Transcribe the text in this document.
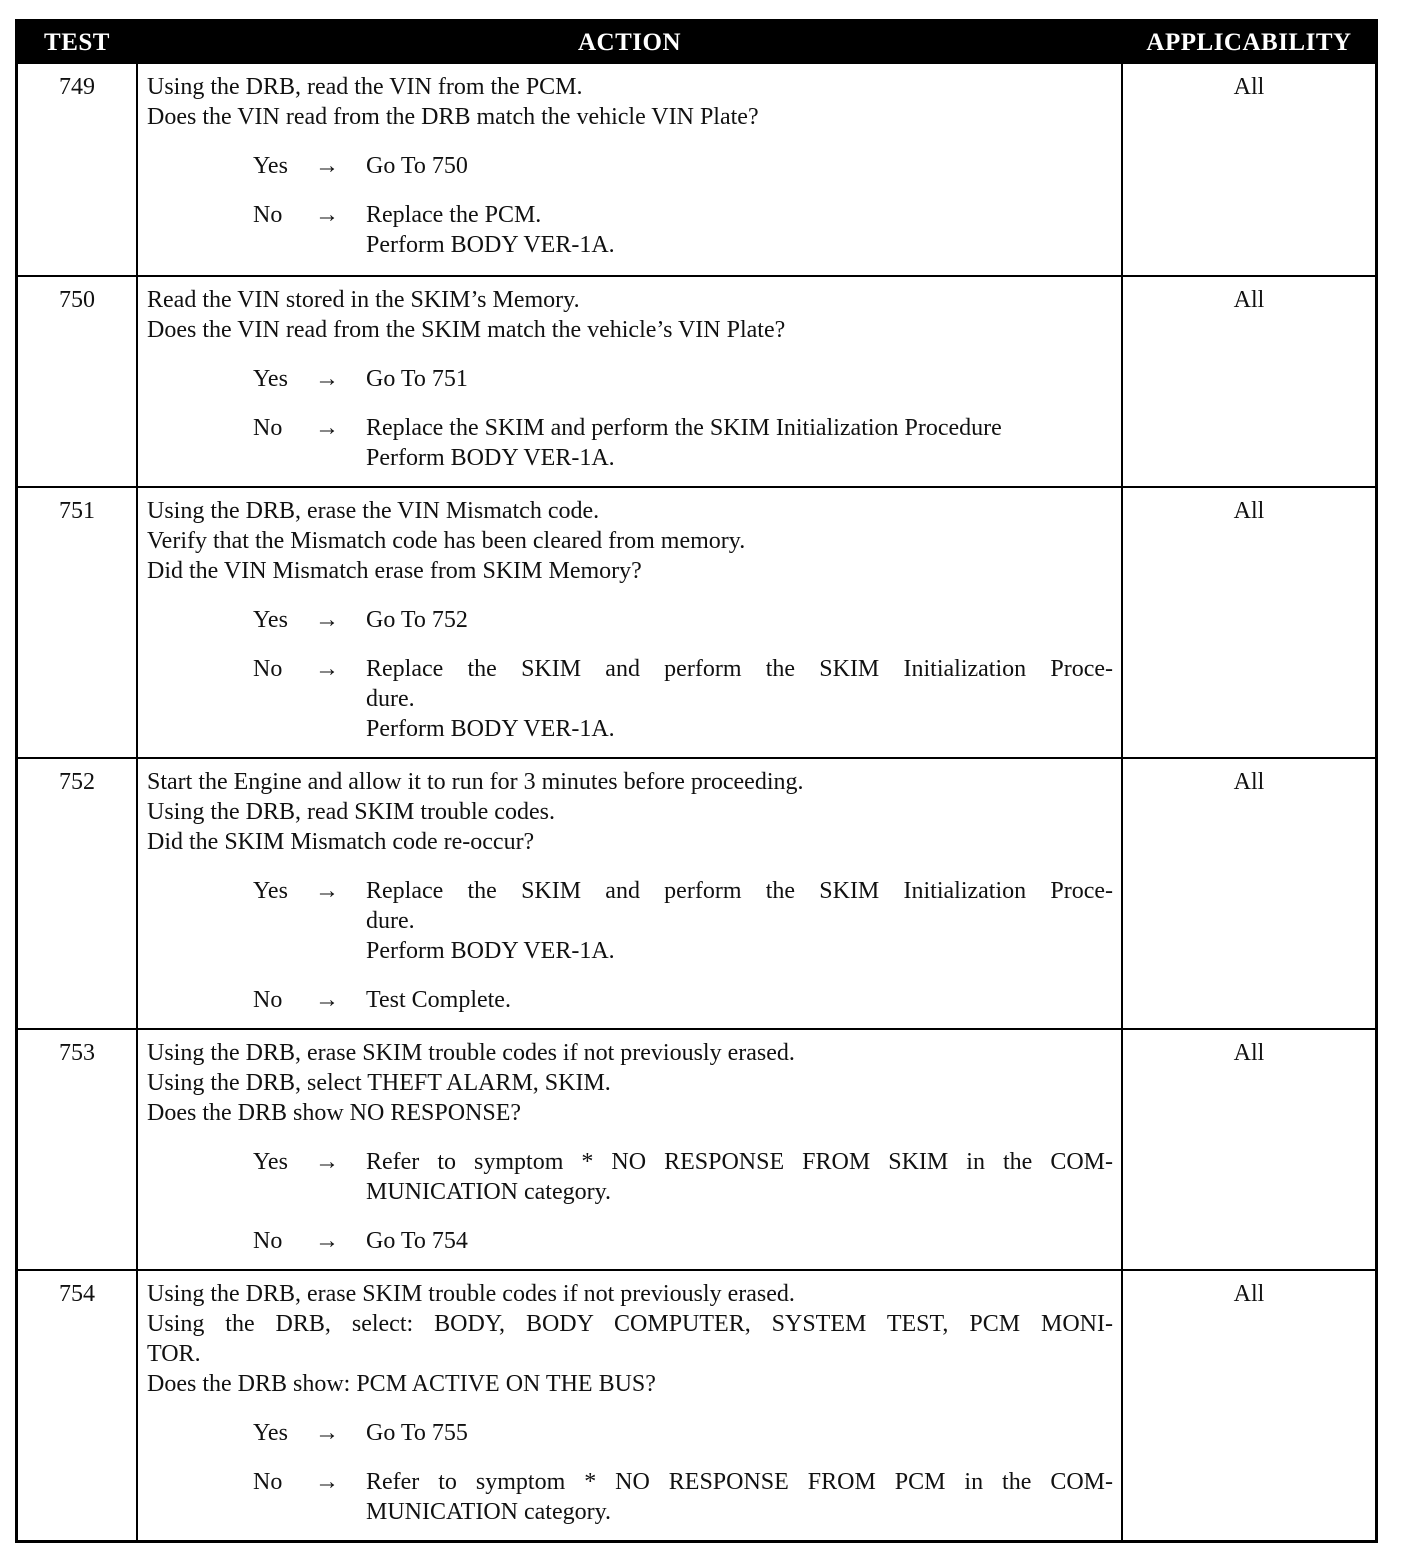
TEST	ACTION	APPLICABILITY
749	Using the DRB, read the VIN from the PCM.
Does the VIN read from the DRB match the vehicle VIN Plate?
Yes	→	Go To 750
No	→	Replace the PCM.
Perform BODY VER-1A.
All
750	Read the VIN stored in the SKIM’s Memory.
Does the VIN read from the SKIM match the vehicle’s VIN Plate?
Yes	→	Go To 751
No	→	Replace the SKIM and perform the SKIM Initialization Procedure
Perform BODY VER-1A.
All
751	Using the DRB, erase the VIN Mismatch code.
Verify that the Mismatch code has been cleared from memory.
Did the VIN Mismatch erase from SKIM Memory?
Yes	→	Go To 752
No	→	Replace the SKIM and perform the SKIM Initialization Proce-
dure.
Perform BODY VER-1A.
All
752	Start the Engine and allow it to run for 3 minutes before proceeding.
Using the DRB, read SKIM trouble codes.
Did the SKIM Mismatch code re-occur?
Yes	→	Replace the SKIM and perform the SKIM Initialization Proce-
dure.
Perform BODY VER-1A.
No	→	Test Complete.
All
753	Using the DRB, erase SKIM trouble codes if not previously erased.
Using the DRB, select THEFT ALARM, SKIM.
Does the DRB show NO RESPONSE?
Yes	→	Refer to symptom * NO RESPONSE FROM SKIM in the COM-
MUNICATION category.
No	→	Go To 754
All
754	Using the DRB, erase SKIM trouble codes if not previously erased.
Using the DRB, select: BODY, BODY COMPUTER, SYSTEM TEST, PCM MONI-
TOR.
Does the DRB show: PCM ACTIVE ON THE BUS?
Yes	→	Go To 755
No	→	Refer to symptom * NO RESPONSE FROM PCM in the COM-
MUNICATION category.
All
